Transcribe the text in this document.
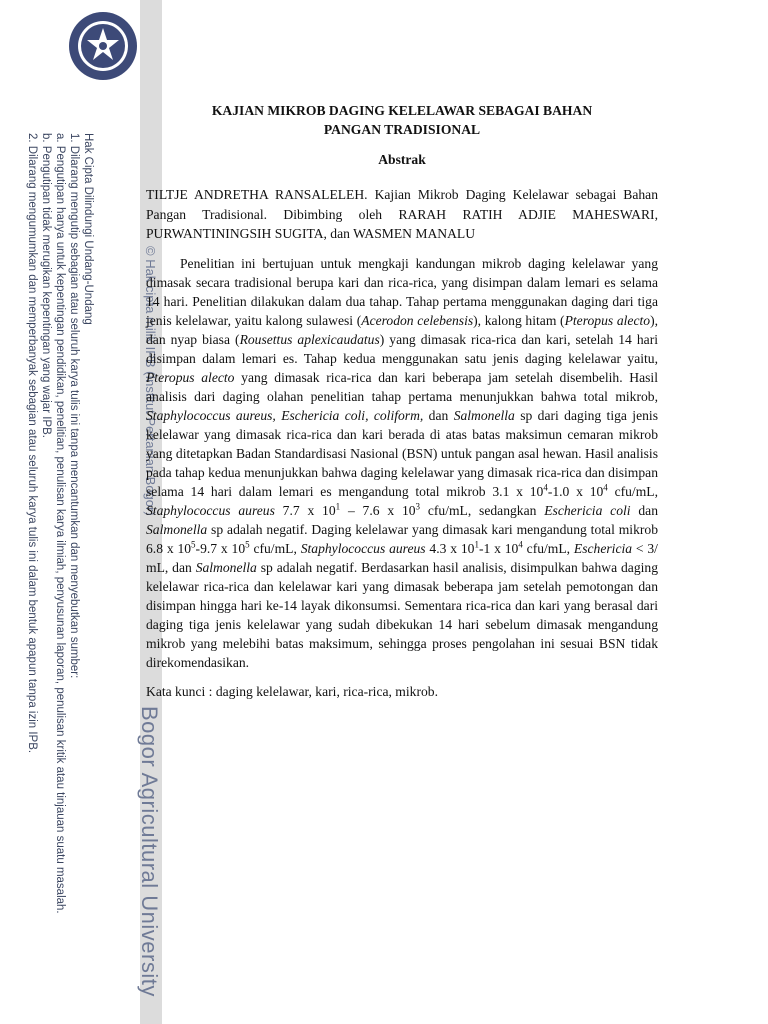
Hak Cipta Dilindungi Undang-Undang
1. Dilarang mengutip sebagian atau seluruh karya tulis ini tanpa mencantumkan dan menyebutkan sumber:
a. Pengutipan hanya untuk kepentingan pendidikan, penelitian, penulisan karya ilmiah, penyusunan laporan, penulisan kritik atau tinjauan suatu masalah.
b. Pengutipan tidak merugikan kepentingan yang wajar IPB.
2. Dilarang mengumumkan dan memperbanyak sebagian atau seluruh karya tulis ini dalam bentuk apapun tanpa izin IPB.	© Hak cipta milik IPB (Institut Pertanian Bogor)
Bogor Agricultural University
KAJIAN MIKROB DAGING KELELAWAR SEBAGAI BAHAN
PANGAN TRADISIONAL
Abstrak

TILTJE ANDRETHA RANSALELEH. Kajian Mikrob Daging Kelelawar sebagai Bahan Pangan Tradisional. Dibimbing oleh RARAH RATIH ADJIE MAHESWARI, PURWANTININGSIH SUGITA, dan WASMEN MANALU

Penelitian ini bertujuan untuk mengkaji kandungan mikrob daging kelelawar yang dimasak secara tradisional berupa kari dan rica-rica, yang disimpan dalam lemari es selama 14 hari. Penelitian dilakukan dalam dua tahap. Tahap pertama menggunakan daging dari tiga jenis kelelawar, yaitu kalong sulawesi (Acerodon celebensis), kalong hitam (Pteropus alecto), dan nyap biasa (Rousettus aplexicaudatus) yang dimasak rica-rica dan kari, setelah 14 hari disimpan dalam lemari es. Tahap kedua menggunakan satu jenis daging kelelawar yaitu, Pteropus alecto yang dimasak rica-rica dan kari beberapa jam setelah disembelih. Hasil analisis dari daging olahan penelitian tahap pertama menunjukkan bahwa total mikrob, Staphylococcus aureus, Eschericia coli, coliform, dan Salmonella sp dari daging tiga jenis kelelawar yang dimasak rica-rica dan kari berada di atas batas maksimun cemaran mikrob yang ditetapkan Badan Standardisasi Nasional (BSN) untuk pangan asal hewan. Hasil analisis pada tahap kedua menunjukkan bahwa daging kelelawar yang dimasak rica-rica dan disimpan selama 14 hari dalam lemari es mengandung total mikrob 3.1 x $10^4-1.0$ x $10^4$ cfu/mL, Staphylococcus aureus 7.7 x $10^1 - 7.6$ x $10^3$ cfu/mL, sedangkan Eschericia coli dan Salmonella sp adalah negatif. Daging kelelawar yang dimasak kari mengandung total mikrob 6.8 x $10^5-9.7$ x $10^5$ cfu/mL, Staphylococcus aureus 4.3 x $10^1-1$ x $10^4$ cfu/mL, Eschericia < 3/ mL, dan Salmonella sp adalah negatif. Berdasarkan hasil analisis, disimpulkan bahwa daging kelelawar rica-rica dan kelelawar kari yang dimasak beberapa jam setelah pemotongan dan disimpan hingga hari ke-14 layak dikonsumsi. Sementara rica-rica dan kari yang berasal dari daging tiga jenis kelelawar yang sudah dibekukan 14 hari sebelum dimasak mengandung mikrob yang melebihi batas maksimum, sehingga proses pengolahan ini sesuai BSN tidak direkomendasikan.

Kata kunci : daging kelelawar, kari, rica-rica, mikrob.
